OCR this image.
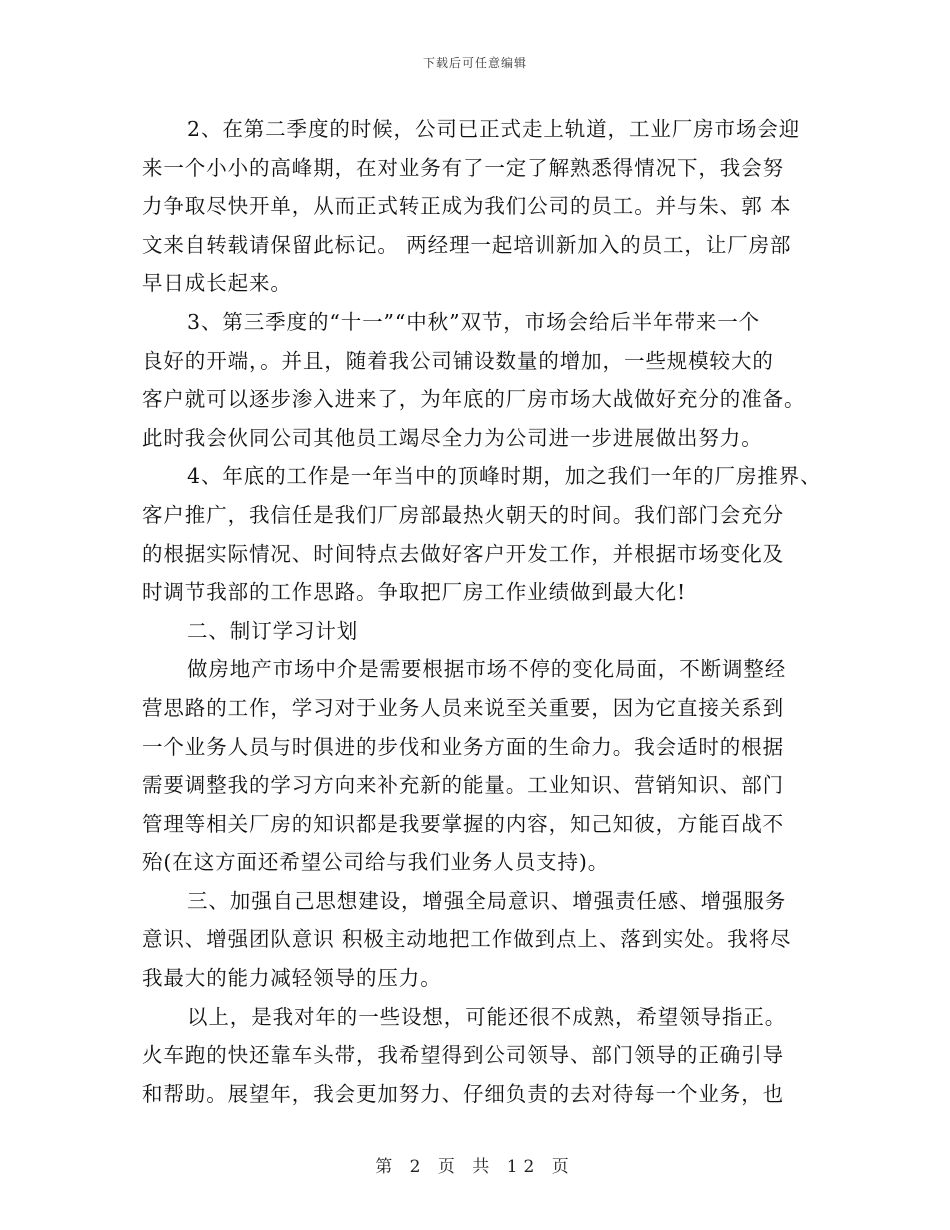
下载后可任意编辑
2、在第二季度的时候，公司已正式走上轨道，工业厂房市场会迎
来一个小小的高峰期，在对业务有了一定了解熟悉得情况下，我会努
力争取尽快开单，从而正式转正成为我们公司的员工。并与朱、郭 本
文来自转载请保留此标记。 两经理一起培训新加入的员工，让厂房部
早日成长起来。
3、第三季度的“十一”“中秋”双节，市场会给后半年带来一个
良好的开端，。并且，随着我公司铺设数量的增加，一些规模较大的
客户就可以逐步渗入进来了，为年底的厂房市场大战做好充分的准备。
此时我会伙同公司其他员工竭尽全力为公司进一步进展做出努力。
4、年底的工作是一年当中的顶峰时期，加之我们一年的厂房推界、
客户推广，我信任是我们厂房部最热火朝天的时间。我们部门会充分
的根据实际情况、时间特点去做好客户开发工作，并根据市场变化及
时调节我部的工作思路。争取把厂房工作业绩做到最大化!
二、制订学习计划
做房地产市场中介是需要根据市场不停的变化局面，不断调整经
营思路的工作，学习对于业务人员来说至关重要，因为它直接关系到
一个业务人员与时俱进的步伐和业务方面的生命力。我会适时的根据
需要调整我的学习方向来补充新的能量。工业知识、营销知识、部门
管理等相关厂房的知识都是我要掌握的内容，知己知彼，方能百战不
殆(在这方面还希望公司给与我们业务人员支持)。
三、加强自己思想建设，增强全局意识、增强责任感、增强服务
意识、增强团队意识 积极主动地把工作做到点上、落到实处。我将尽
我最大的能力减轻领导的压力。
以上，是我对年的一些设想，可能还很不成熟，希望领导指正。
火车跑的快还靠车头带，我希望得到公司领导、部门领导的正确引导
和帮助。展望年，我会更加努力、仔细负责的去对待每一个业务，也
第 2 页 共 12 页
